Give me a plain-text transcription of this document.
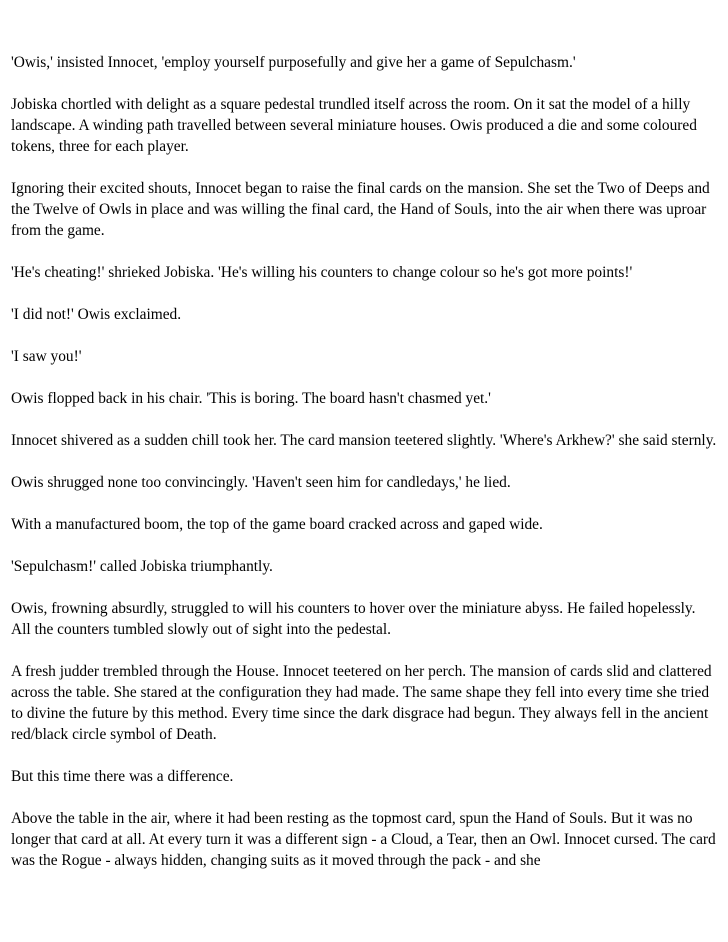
'Owis,' insisted Innocet, 'employ yourself purposefully and give her a game of Sepulchasm.'

Jobiska chortled with delight as a square pedestal trundled itself across the room. On it sat the model of a hilly landscape. A winding path travelled between several miniature houses. Owis produced a die and some coloured tokens, three for each player.

Ignoring their excited shouts, Innocet began to raise the final cards on the mansion. She set the Two of Deeps and the Twelve of Owls in place and was willing the final card, the Hand of Souls, into the air when there was uproar from the game.

'He's cheating!' shrieked Jobiska. 'He's willing his counters to change colour so he's got more points!'

'I did not!' Owis exclaimed.

'I saw you!'

Owis flopped back in his chair. 'This is boring. The board hasn't chasmed yet.'

Innocet shivered as a sudden chill took her. The card mansion teetered slightly. 'Where's Arkhew?' she said sternly.

Owis shrugged none too convincingly. 'Haven't seen him for candledays,' he lied.

With a manufactured boom, the top of the game board cracked across and gaped wide.

'Sepulchasm!' called Jobiska triumphantly.

Owis, frowning absurdly, struggled to will his counters to hover over the miniature abyss. He failed hopelessly. All the counters tumbled slowly out of sight into the pedestal.

A fresh judder trembled through the House. Innocet teetered on her perch. The mansion of cards slid and clattered across the table. She stared at the configuration they had made. The same shape they fell into every time she tried to divine the future by this method. Every time since the dark disgrace had begun. They always fell in the ancient red/black circle symbol of Death.

But this time there was a difference.

Above the table in the air, where it had been resting as the topmost card, spun the Hand of Souls. But it was no longer that card at all. At every turn it was a different sign - a Cloud, a Tear, then an Owl. Innocet cursed. The card was the Rogue - always hidden, changing suits as it moved through the pack - and she
